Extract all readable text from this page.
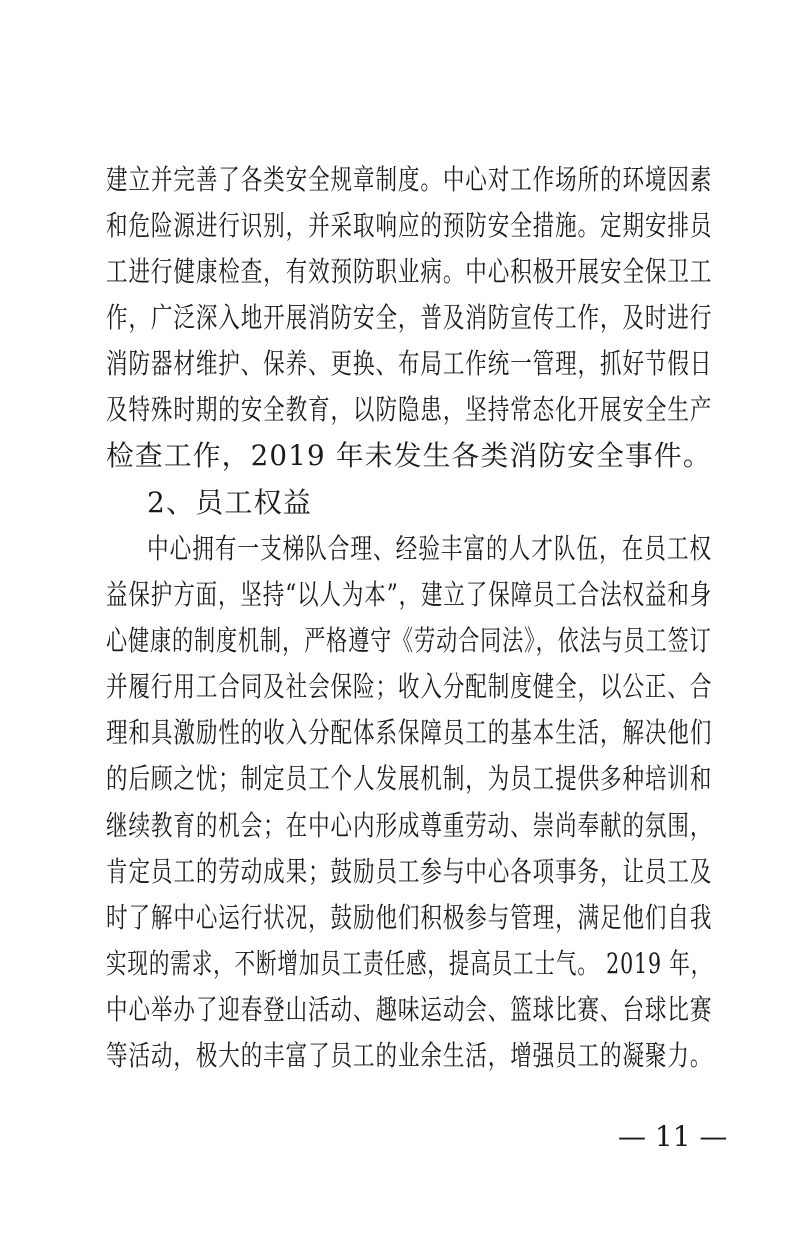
建立并完善了各类安全规章制度。中心对工作场所的环境因素
和危险源进行识别，并采取响应的预防安全措施。定期安排员
工进行健康检查，有效预防职业病。中心积极开展安全保卫工
作，广泛深入地开展消防安全，普及消防宣传工作，及时进行
消防器材维护、保养、更换、布局工作统一管理，抓好节假日
及特殊时期的安全教育，以防隐患，坚持常态化开展安全生产
检查工作，2019 年未发生各类消防安全事件。
2、员工权益
中心拥有一支梯队合理、经验丰富的人才队伍，在员工权
益保护方面，坚持“以人为本”，建立了保障员工合法权益和身
心健康的制度机制，严格遵守《劳动合同法》，依法与员工签订
并履行用工合同及社会保险；收入分配制度健全，以公正、合
理和具激励性的收入分配体系保障员工的基本生活，解决他们
的后顾之忧；制定员工个人发展机制，为员工提供多种培训和
继续教育的机会；在中心内形成尊重劳动、崇尚奉献的氛围，
肯定员工的劳动成果；鼓励员工参与中心各项事务，让员工及
时了解中心运行状况，鼓励他们积极参与管理，满足他们自我
实现的需求，不断增加员工责任感，提高员工士气。 2019 年，
中心举办了迎春登山活动、趣味运动会、篮球比赛、台球比赛
等活动，极大的丰富了员工的业余生活，增强员工的凝聚力。
— 11 —
